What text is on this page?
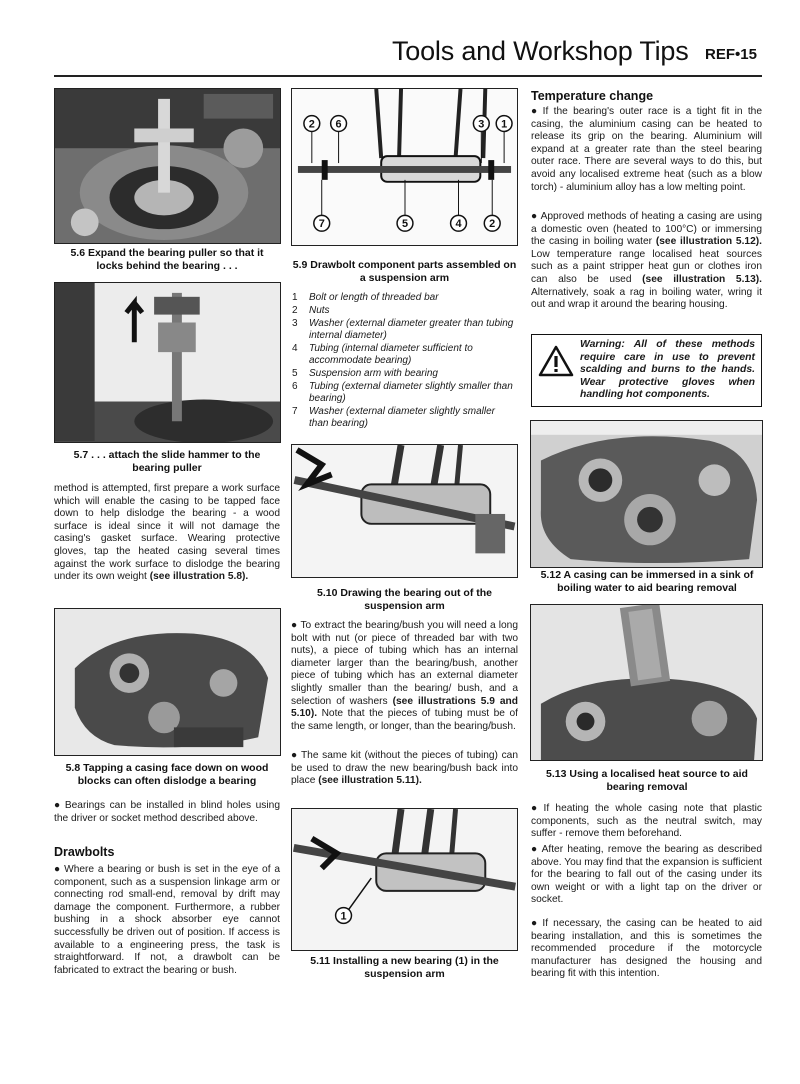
Tools and Workshop Tips REF•15
5.6 Expand the bearing puller so that it locks behind the bearing . . .
5.7 . . . attach the slide hammer to the bearing puller
method is attempted, first prepare a work surface which will enable the casing to be tapped face down to help dislodge the bearing - a wood surface is ideal since it will not damage the casing's gasket surface. Wearing protective gloves, tap the heated casing several times against the work surface to dislodge the bearing under its own weight (see illustration 5.8).
5.8 Tapping a casing face down on wood blocks can often dislodge a bearing
● Bearings can be installed in blind holes using the driver or socket method described above.
Drawbolts
● Where a bearing or bush is set in the eye of a component, such as a suspension linkage arm or connecting rod small-end, removal by drift may damage the component. Furthermore, a rubber bushing in a shock absorber eye cannot successfully be driven out of position. If access is available to a engineering press, the task is straightforward. If not, a drawbolt can be fabricated to extract the bearing or bush.
2 6	3 1
7	5	4	2
5.9 Drawbolt component parts assembled on a suspension arm
1	Bolt or length of threaded bar
2	Nuts
3	Washer (external diameter greater than tubing internal diameter)
4	Tubing (internal diameter sufficient to accommodate bearing)
5	Suspension arm with bearing
6	Tubing (external diameter slightly smaller than bearing)
7	Washer (external diameter slightly smaller than bearing)
5.10 Drawing the bearing out of the suspension arm
● To extract the bearing/bush you will need a long bolt with nut (or piece of threaded bar with two nuts), a piece of tubing which has an internal diameter larger than the bearing/bush, another piece of tubing which has an external diameter slightly smaller than the bearing/ bush, and a selection of washers (see illustrations 5.9 and 5.10). Note that the pieces of tubing must be of the same length, or longer, than the bearing/bush.
● The same kit (without the pieces of tubing) can be used to draw the new bearing/bush back into place (see illustration 5.11).
1
5.11 Installing a new bearing (1) in the suspension arm
Temperature change
● If the bearing's outer race is a tight fit in the casing, the aluminium casing can be heated to release its grip on the bearing. Aluminium will expand at a greater rate than the steel bearing outer race. There are several ways to do this, but avoid any localised extreme heat (such as a blow torch) - aluminium alloy has a low melting point.
● Approved methods of heating a casing are using a domestic oven (heated to 100°C) or immersing the casing in boiling water (see illustration 5.12). Low temperature range localised heat sources such as a paint stripper heat gun or clothes iron can also be used (see illustration 5.13). Alternatively, soak a rag in boiling water, wring it out and wrap it around the bearing housing.
Warning: All of these methods require care in use to prevent scalding and burns to the hands. Wear protective gloves when handling hot components.
5.12 A casing can be immersed in a sink of boiling water to aid bearing removal
5.13 Using a localised heat source to aid bearing removal
● If heating the whole casing note that plastic components, such as the neutral switch, may suffer - remove them beforehand.
● After heating, remove the bearing as described above. You may find that the expansion is sufficient for the bearing to fall out of the casing under its own weight or with a light tap on the driver or socket.
● If necessary, the casing can be heated to aid bearing installation, and this is sometimes the recommended procedure if the motorcycle manufacturer has designed the housing and bearing fit with this intention.
